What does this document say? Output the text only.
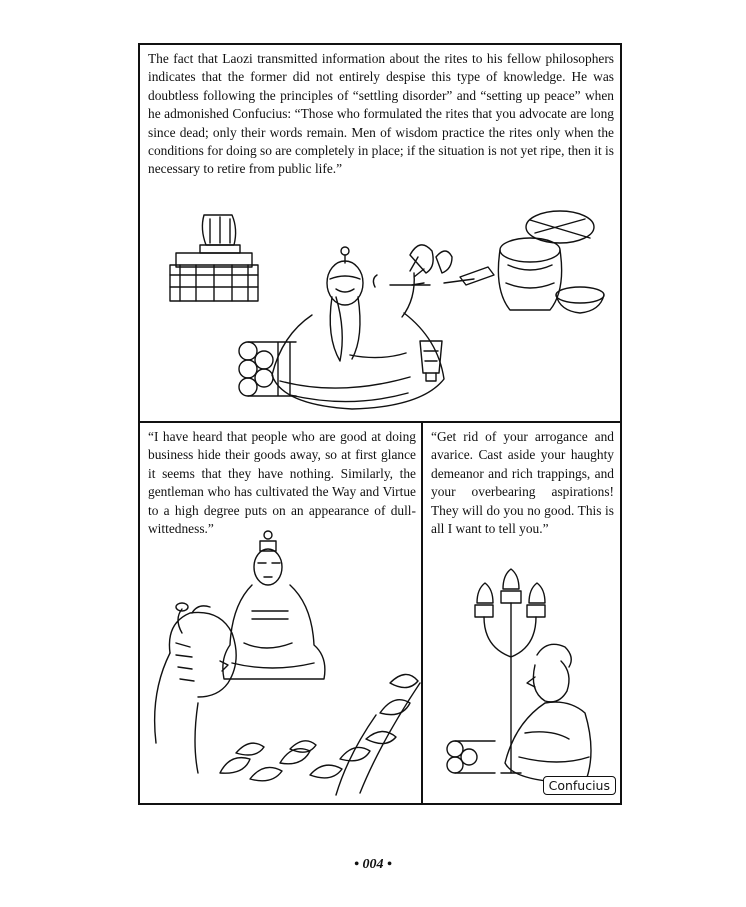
The fact that Laozi transmitted information about the rites to his fellow philosophers indicates that the former did not entirely despise this type of knowledge. He was doubtless following the principles of “settling disorder” and “setting up peace” when he admonished Confucius: “Those who formulated the rites that you advocate are long since dead; only their words remain. Men of wisdom practice the rites only when the conditions for doing so are completely in place; if the situation is not yet ripe, then it is necessary to retire from public life.”
“I have heard that people who are good at doing business hide their goods away, so at first glance it seems that they have nothing. Similarly, the gentleman who has cultivated the Way and Virtue to a high degree puts on an appearance of dull-wittedness.”
“Get rid of your arrogance and avarice. Cast aside your haughty demeanor and rich trappings, and your overbearing aspirations! They will do you no good. This is all I want to tell you.”
Confucius
• 004 •
